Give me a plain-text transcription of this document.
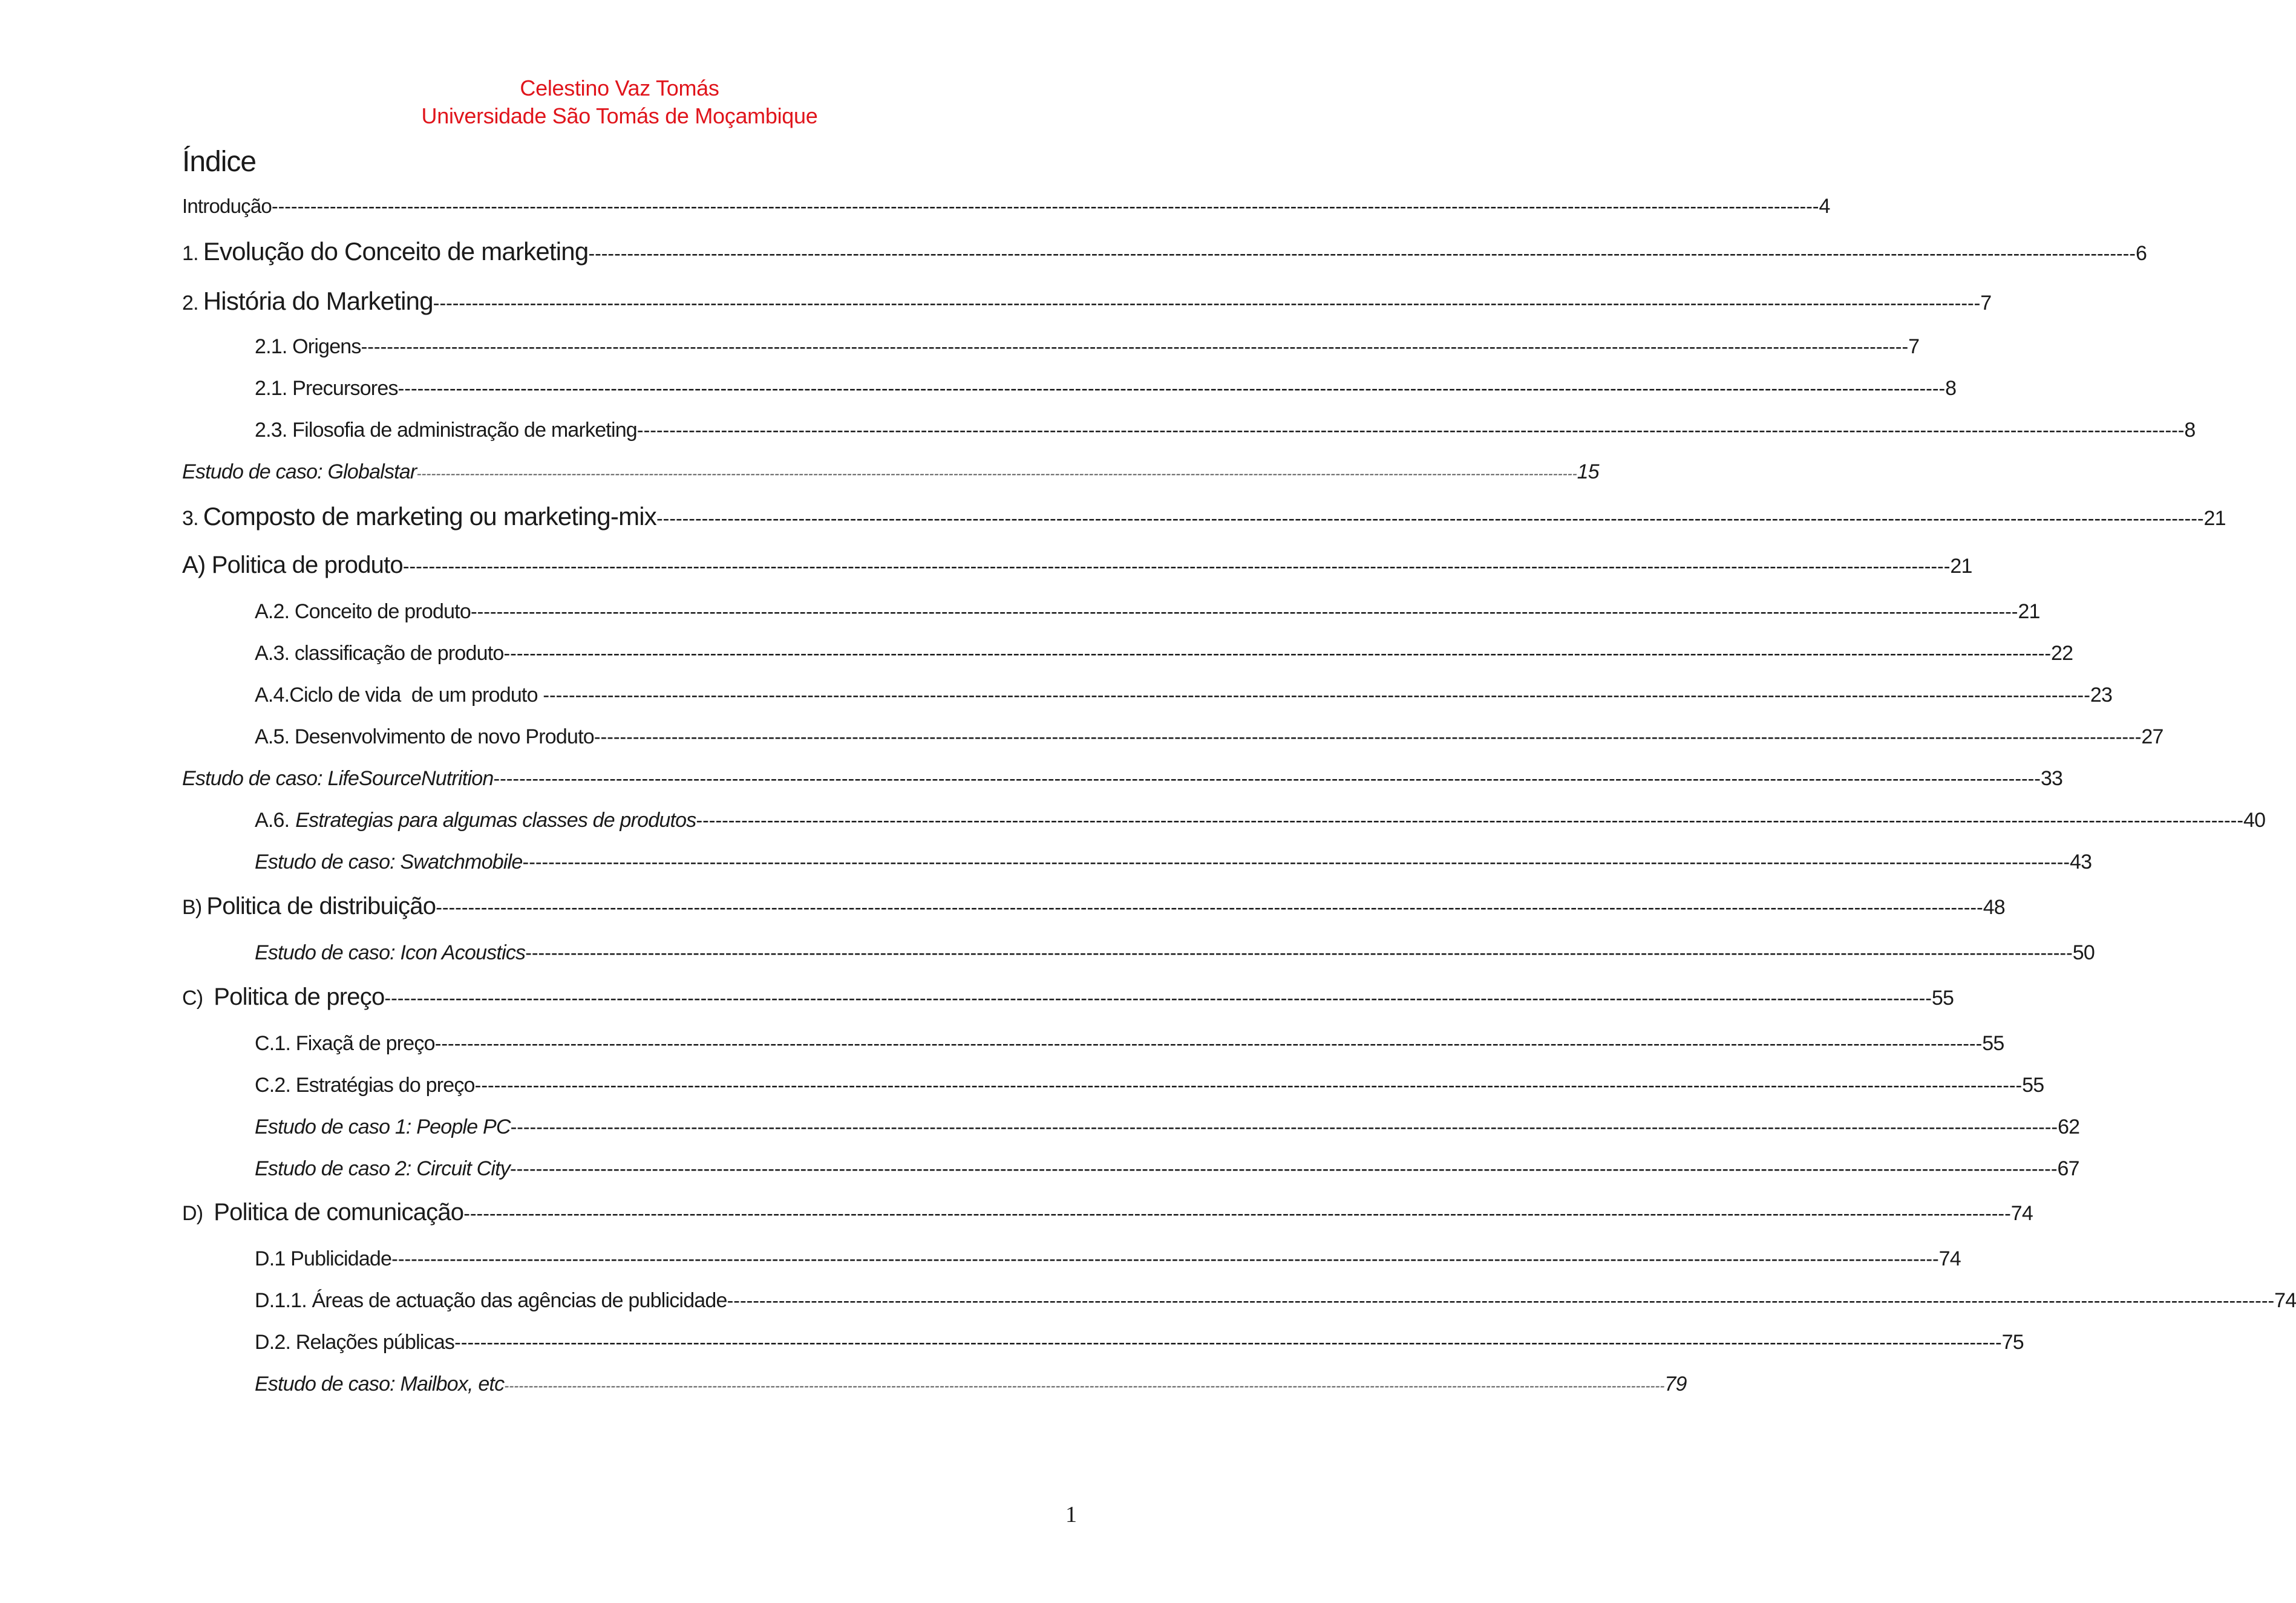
Celestino Vaz Tomás
Universidade São Tomás de Moçambique
Índice
Introdução ------------------------------------------------------------------------------------------------------------------------------------------------------------------------------------------------------------------------------------------------ 4
1. Evolução do Conceito de marketing ------------------------------------------------------------------------------------------------------------------------------------------------------------------------------------------------------------------------------------------------ 6
2. História do Marketing ------------------------------------------------------------------------------------------------------------------------------------------------------------------------------------------------------------------------------------------------ 7
2.1. Origens ------------------------------------------------------------------------------------------------------------------------------------------------------------------------------------------------------------------------------------------------ 7
2.1. Precursores ------------------------------------------------------------------------------------------------------------------------------------------------------------------------------------------------------------------------------------------------ 8
2.3. Filosofia de administração de marketing ------------------------------------------------------------------------------------------------------------------------------------------------------------------------------------------------------------------------------------------------ 8
Estudo de caso: Globalstar ------------------------------------------------------------------------------------------------------------------------------------------------------------------------------------------------------------------------------------------------ 15
3. Composto de marketing ou marketing-mix ------------------------------------------------------------------------------------------------------------------------------------------------------------------------------------------------------------------------------------------------ 21
A) Politica de produto ------------------------------------------------------------------------------------------------------------------------------------------------------------------------------------------------------------------------------------------------ 21
A.2. Conceito de produto ------------------------------------------------------------------------------------------------------------------------------------------------------------------------------------------------------------------------------------------------ 21
A.3. classificação de produto ------------------------------------------------------------------------------------------------------------------------------------------------------------------------------------------------------------------------------------------------ 22
A.4.Ciclo de vida  de um produto ------------------------------------------------------------------------------------------------------------------------------------------------------------------------------------------------------------------------------------------------ 23
A.5. Desenvolvimento de novo Produto ------------------------------------------------------------------------------------------------------------------------------------------------------------------------------------------------------------------------------------------------ 27
Estudo de caso: LifeSourceNutrition ------------------------------------------------------------------------------------------------------------------------------------------------------------------------------------------------------------------------------------------------ 33
A.6. Estrategias para algumas classes de produtos ------------------------------------------------------------------------------------------------------------------------------------------------------------------------------------------------------------------------------------------------ 40
Estudo de caso: Swatchmobile ------------------------------------------------------------------------------------------------------------------------------------------------------------------------------------------------------------------------------------------------ 43
B) Politica de distribuição ------------------------------------------------------------------------------------------------------------------------------------------------------------------------------------------------------------------------------------------------ 48
Estudo de caso: Icon Acoustics ------------------------------------------------------------------------------------------------------------------------------------------------------------------------------------------------------------------------------------------------ 50
C) Politica de preço ------------------------------------------------------------------------------------------------------------------------------------------------------------------------------------------------------------------------------------------------ 55
C.1. Fixaçã de preço ------------------------------------------------------------------------------------------------------------------------------------------------------------------------------------------------------------------------------------------------ 55
C.2. Estratégias do preço ------------------------------------------------------------------------------------------------------------------------------------------------------------------------------------------------------------------------------------------------ 55
Estudo de caso 1: People PC ------------------------------------------------------------------------------------------------------------------------------------------------------------------------------------------------------------------------------------------------ 62
Estudo de caso 2: Circuit City ------------------------------------------------------------------------------------------------------------------------------------------------------------------------------------------------------------------------------------------------ 67
D) Politica de comunicação ------------------------------------------------------------------------------------------------------------------------------------------------------------------------------------------------------------------------------------------------ 74
D.1 Publicidade ------------------------------------------------------------------------------------------------------------------------------------------------------------------------------------------------------------------------------------------------ 74
D.1.1. Áreas de actuação das agências de publicidade ------------------------------------------------------------------------------------------------------------------------------------------------------------------------------------------------------------------------------------------------ 74
D.2. Relações públicas ------------------------------------------------------------------------------------------------------------------------------------------------------------------------------------------------------------------------------------------------ 75
Estudo de caso: Mailbox, etc ------------------------------------------------------------------------------------------------------------------------------------------------------------------------------------------------------------------------------------------------ 79
1
